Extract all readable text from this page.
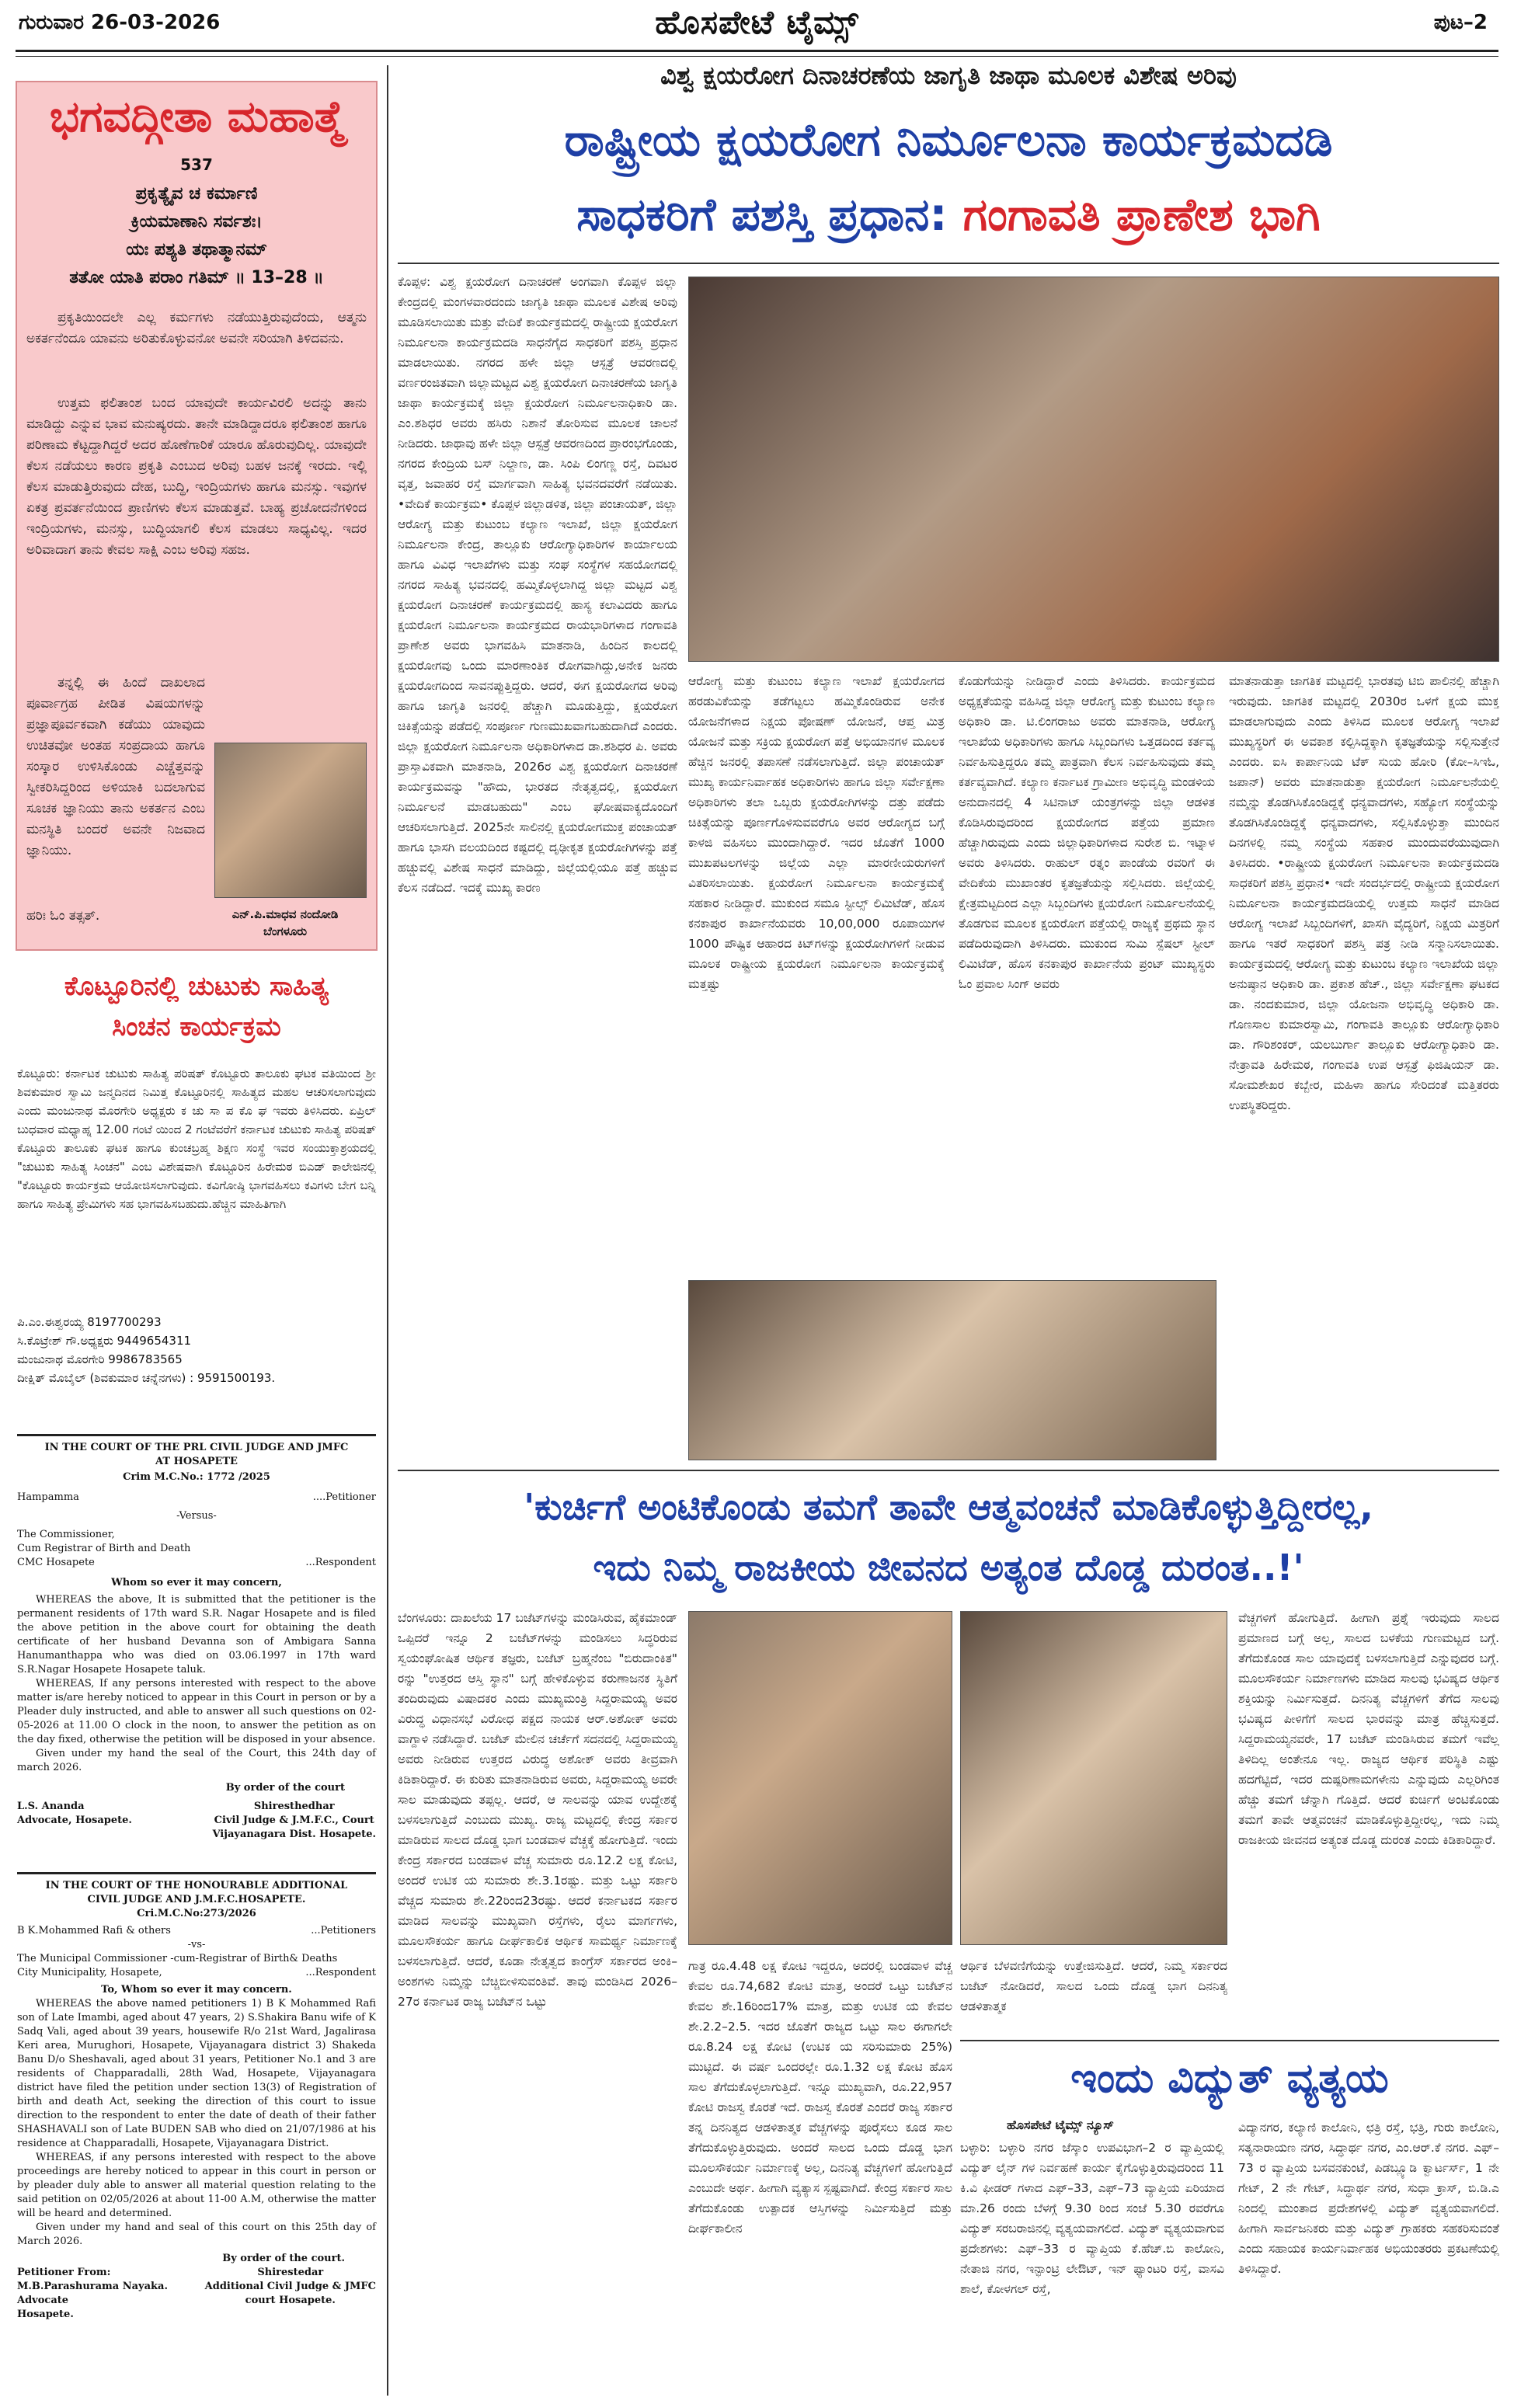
ಗುರುವಾರ 26-03-2026	ಹೊಸಪೇಟೆ ಟೈಮ್ಸ್	ಪುಟ–2
ಭಗವದ್ಗೀತಾ ಮಹಾತ್ಮೆ
537
ಪ್ರಕೃತ್ಯೈವ ಚ ಕರ್ಮಾಣಿ
ಕ್ರಿಯಮಾಣಾನಿ ಸರ್ವಶಃ।
ಯಃ ಪಶ್ಯತಿ ತಥಾತ್ಮಾನಮ್
ತತೋ ಯಾತಿ ಪರಾಂ ಗತಿಮ್ ॥ 13–28 ॥
ಪ್ರಕೃತಿಯಿಂದಲೇ ಎಲ್ಲ ಕರ್ಮಗಳು ನಡೆಯುತ್ತಿರುವುದೆಂದು, ಆತ್ಮನು ಅಕರ್ತನೆಂದೂ ಯಾವನು ಅರಿತುಕೊಳ್ಳುವನೋ ಅವನೇ ಸರಿಯಾಗಿ ತಿಳಿದವನು.
ಉತ್ತಮ ಫಲಿತಾಂಶ ಬಂದ ಯಾವುದೇ ಕಾರ್ಯವಿರಲಿ ಅದನ್ನು ತಾನು ಮಾಡಿದ್ದು ಎನ್ನುವ ಭಾವ ಮನುಷ್ಯರದು. ತಾನೇ ಮಾಡಿದ್ದಾದರೂ ಫಲಿತಾಂಶ ಹಾಗೂ ಪರಿಣಾಮ ಕೆಟ್ಟದ್ದಾಗಿದ್ದರೆ ಅದರ ಹೊಣೆಗಾರಿಕೆ ಯಾರೂ ಹೊರುವುದಿಲ್ಲ. ಯಾವುದೇ ಕೆಲಸ ನಡೆಯಲು ಕಾರಣ ಪ್ರಕೃತಿ ಎಂಬುದ ಅರಿವು ಬಹಳ ಜನಕ್ಕೆ ಇರದು. ಇಲ್ಲಿ ಕೆಲಸ ಮಾಡುತ್ತಿರುವುದು ದೇಹ, ಬುದ್ಧಿ, ಇಂದ್ರಿಯಗಳು ಹಾಗೂ ಮನಸ್ಸು. ಇವುಗಳ ಏಕತ್ರ ಪ್ರವರ್ತನೆಯಿಂದ ಪ್ರಾಣಿಗಳು ಕೆಲಸ ಮಾಡುತ್ತವೆ. ಬಾಹ್ಯ ಪ್ರಚೋದನೆಗಳಿಂದ ಇಂದ್ರಿಯಗಳು, ಮನಸ್ಸು, ಬುದ್ಧಿಯಾಗಲಿ ಕೆಲಸ ಮಾಡಲು ಸಾಧ್ಯವಿಲ್ಲ. ಇದರ ಅರಿವಾದಾಗ ತಾನು ಕೇವಲ ಸಾಕ್ಷಿ ಎಂಬ ಅರಿವು ಸಹಜ.
ತನ್ನಲ್ಲಿ ಈ ಹಿಂದೆ ದಾಖಲಾದ ಪೂರ್ವಾಗ್ರಹ ಪೀಡಿತ ವಿಷಯಗಳನ್ನು ಪ್ರಜ್ಞಾಪೂರ್ವಕವಾಗಿ ಕಡೆಯು ಯಾವುದು ಉಚಿತವೋ ಅಂತಹ ಸಂಪ್ರದಾಯ ಹಾಗೂ ಸಂಸ್ಕಾರ ಉಳಿಸಿಕೊಂಡು ಎಚ್ಚೆತ್ತವನ್ನು ಸ್ವೀಕರಿಸಿದ್ದರಿಂದ ಅಳಿಯಾಕಿ ಬದಲಾಗುವ ಸೂಚಕ ಜ್ಞಾನಿಯು ತಾನು ಅಕರ್ತನ ಎಂಬ ಮನಸ್ಥಿತಿ ಬಂದರೆ ಅವನೇ ನಿಜವಾದ ಜ್ಞಾನಿಯು.
ಹರಿಃ ಓಂ ತತ್ಸತ್.	ಎನ್.ಪಿ.ಮಾಧವ ನಂದೋಡಿ
ಬೆಂಗಳೂರು
ಕೊಟ್ಟೂರಿನಲ್ಲಿ ಚುಟುಕು ಸಾಹಿತ್ಯ
ಸಿಂಚನ ಕಾರ್ಯಕ್ರಮ
ಕೊಟ್ಟೂರು: ಕರ್ನಾಟಕ ಚುಟುಕು ಸಾಹಿತ್ಯ ಪರಿಷತ್ ಕೊಟ್ಟೂರು ತಾಲೂಕು ಘಟಕ ವತಿಯಿಂದ ಶ್ರೀ ಶಿವಕುಮಾರ ಸ್ವಾಮಿ ಜನ್ಮದಿನದ ನಿಮಿತ್ತ ಕೊಟ್ಟೂರಿನಲ್ಲಿ ಸಾಹಿತ್ಯದ ಮಹಲ ಆಚರಿಸಲಾಗುವುದು ಎಂದು ಮಂಜುನಾಥ ಮೊರಗೇರಿ ಅಧ್ಯಕ್ಷರು ಕ ಚು ಸಾ ಪ ಕೊ ಘ ಇವರು ತಿಳಿಸಿದರು. ಏಪ್ರಿಲ್ ಬುಧವಾರ ಮಧ್ಯಾಹ್ನ 12.00 ಗಂಟೆ ಯಿಂದ 2 ಗಂಟೆವರೆಗೆ ಕರ್ನಾಟಕ ಚುಟುಕು ಸಾಹಿತ್ಯ ಪರಿಷತ್ ಕೊಟ್ಟೂರು ತಾಲೂಕು ಘಟಕ ಹಾಗೂ ಕುಂಚಬ್ರಹ್ಮ ಶಿಕ್ಷಣ ಸಂಸ್ಥೆ ಇವರ ಸಂಯುಕ್ತಾಶ್ರಯದಲ್ಲಿ "ಚುಟುಕು ಸಾಹಿತ್ಯ ಸಿಂಚನ" ಎಂಬ ವಿಶೇಷವಾಗಿ ಕೊಟ್ಟೂರಿನ ಹಿರೇಮಠ ಬಿಎಡ್ ಕಾಲೇಜಿನಲ್ಲಿ "ಕೊಟ್ಟೂರು ಕಾರ್ಯಕ್ರಮ ಆಯೋಜಿಸಲಾಗುವುದು. ಕವಿಗೋಷ್ಠಿ ಭಾಗವಹಿಸಲು ಕವಿಗಳು ಬೇಗ ಬನ್ನಿ ಹಾಗೂ ಸಾಹಿತ್ಯ ಪ್ರೇಮಿಗಳು ಸಹ ಭಾಗವಹಿಸಬಹುದು.ಹೆಚ್ಚಿನ ಮಾಹಿತಿಗಾಗಿ
ಪಿ.ಎಂ.ಈಶ್ವರಯ್ಯ 8197700293
ಸಿ.ಕೊಟ್ರೇಶ್ ಗೌ.ಅಧ್ಯಕ್ಷರು 9449654311
ಮಂಜುನಾಥ ಮೊರಗೇರಿ 9986783565
ದೀಕ್ಷಿತ್ ಮೊಬೈಲ್ (ಶಿವಕುಮಾರ ಚನ್ನೆನಗಳು) : 9591500193.
IN THE COURT OF THE PRL CIVIL JUDGE AND JMFC
AT HOSAPETE
Crim M.C.No.: 1772 /2025
Hampamma	....Petitioner
-Versus-
The Commissioner,
Cum Registrar of Birth and Death
CMC Hosapete	...Respondent
Whom so ever it may concern,
WHEREAS the above, It is submitted that the petitioner is the permanent residents of 17th ward S.R. Nagar Hosapete and is filed the above petition in the above court for obtaining the death certificate of her husband Devanna son of Ambigara Sanna Hanumanthappa who was died on 03.06.1997 in 17th ward S.R.Nagar Hosapete Hosapete taluk.
WHEREAS, If any persons interested with respect to the above matter is/are hereby noticed to appear in this Court in person or by a Pleader duly instructed, and able to answer all such questions on 02-05-2026 at 11.00 O clock in the noon, to answer the petition as on the day fixed, otherwise the petition will be disposed in your absence.
Given under my hand the seal of the Court, this 24th day of march 2026.
By order of the court
L.S. Ananda
Advocate, Hosapete.
Shiresthedhar
Civil Judge & J.M.F.C., Court
Vijayanagara Dist. Hosapete.
IN THE COURT OF THE HONOURABLE ADDITIONAL
CIVIL JUDGE AND J.M.F.C.HOSAPETE.
Cri.M.C.No:273/2026
B K.Mohammed Rafi & others	...Petitioners
-vs-
The Municipal Commissioner -cum-Registrar of Birth& Deaths
City Municipality, Hosapete,	...Respondent
To, Whom so ever it may concern.
WHEREAS the above named petitioners 1) B K Mohammed Rafi son of Late Imambi, aged about 47 years, 2) S.Shakira Banu wife of K Sadq Vali, aged about 39 years, housewife R/o 21st Ward, Jagalirasa Keri area, Murughori, Hosapete, Vijayanagara district 3) Shakeda Banu D/o Sheshavali, aged about 31 years, Petitioner No.1 and 3 are residents of Chapparadalli, 28th Wad, Hosapete, Vijayanagara district have filed the petition under section 13(3) of Registration of birth and death Act, seeking the direction of this court to issue direction to the respondent to enter the date of death of their father SHASHAVALI son of Late BUDEN SAB who died on 21/07/1986 at his residence at Chapparadalli, Hosapete, Vijayanagara District.
WHEREAS, if any persons interested with respect to the above proceedings are hereby noticed to appear in this court in person or by pleader duly able to answer all material question relating to the said petition on 02/05/2026 at about 11-00 A.M, otherwise the matter will be heard and determined.
Given under my hand and seal of this court on this 25th day of March 2026.
By order of the court.
Petitioner From:
M.B.Parashurama Nayaka.
Advocate
Hosapete.
Shirestedar
Additional Civil Judge & JMFC
court Hosapete.
ವಿಶ್ವ ಕ್ಷಯರೋಗ ದಿನಾಚರಣೆಯ ಜಾಗೃತಿ ಜಾಥಾ ಮೂಲಕ ವಿಶೇಷ ಅರಿವು
ರಾಷ್ಟ್ರೀಯ ಕ್ಷಯರೋಗ ನಿರ್ಮೂಲನಾ ಕಾರ್ಯಕ್ರಮದಡಿ
ಸಾಧಕರಿಗೆ ಪಶಸ್ತಿ ಪ್ರಧಾನ: ಗಂಗಾವತಿ ಪ್ರಾಣೇಶ ಭಾಗಿ
ಕೊಪ್ಪಳ: ವಿಶ್ವ ಕ್ಷಯರೋಗ ದಿನಾಚರಣೆ ಅಂಗವಾಗಿ ಕೊಪ್ಪಳ ಜಿಲ್ಲಾ ಕೇಂದ್ರದಲ್ಲಿ ಮಂಗಳವಾರದಂದು ಜಾಗೃತಿ ಜಾಥಾ ಮೂಲಕ ವಿಶೇಷ ಅರಿವು ಮೂಡಿಸಲಾಯಿತು ಮತ್ತು ವೇದಿಕೆ ಕಾರ್ಯಕ್ರಮದಲ್ಲಿ ರಾಷ್ಟ್ರೀಯ ಕ್ಷಯರೋಗ ನಿರ್ಮೂಲನಾ ಕಾರ್ಯಕ್ರಮದಡಿ ಸಾಧನೆಗೈದ ಸಾಧಕರಿಗೆ ಪಶಸ್ತಿ ಪ್ರಧಾನ ಮಾಡಲಾಯಿತು. ನಗರದ ಹಳೇ ಜಿಲ್ಲಾ ಆಸ್ಪತ್ರೆ ಆವರಣದಲ್ಲಿ ವರ್ಣರಂಜಿತವಾಗಿ ಜಿಲ್ಲಾಮಟ್ಟದ ವಿಶ್ವ ಕ್ಷಯರೋಗ ದಿನಾಚರಣೆಯ ಜಾಗೃತಿ ಜಾಥಾ ಕಾರ್ಯಕ್ರಮಕ್ಕೆ ಜಿಲ್ಲಾ ಕ್ಷಯರೋಗ ನಿರ್ಮೂಲನಾಧಿಕಾರಿ ಡಾ. ಎಂ.ಶಶಿಧರ ಅವರು ಹಸಿರು ನಿಶಾನೆ ತೋರಿಸುವ ಮೂಲಕ ಚಾಲನೆ ನೀಡಿದರು. ಜಾಥಾವು ಹಳೇ ಜಿಲ್ಲಾ ಆಸ್ಪತ್ರೆ ಆವರಣದಿಂದ ಪ್ರಾರಂಭಗೊಂಡು, ನಗರದ ಕೇಂದ್ರಿಯ ಬಸ್ ನಿಲ್ದಾಣ, ಡಾ. ಸಿಂಪಿ ಲಿಂಗಣ್ಣ ರಸ್ತೆ, ದಿವಟರ ವೃತ್ತ, ಜವಾಹರ ರಸ್ತೆ ಮಾರ್ಗವಾಗಿ ಸಾಹಿತ್ಯ ಭವನದವರೆಗೆ ನಡೆಯಿತು. •ವೇದಿಕೆ ಕಾರ್ಯಕ್ರಮ• ಕೊಪ್ಪಳ ಜಿಲ್ಲಾಡಳಿತ, ಜಿಲ್ಲಾ ಪಂಚಾಯತ್, ಜಿಲ್ಲಾ ಆರೋಗ್ಯ ಮತ್ತು ಕುಟುಂಬ ಕಲ್ಯಾಣ ಇಲಾಖೆ, ಜಿಲ್ಲಾ ಕ್ಷಯರೋಗ ನಿರ್ಮೂಲನಾ ಕೇಂದ್ರ, ತಾಲ್ಲೂಕು ಆರೋಗ್ಯಾಧಿಕಾರಿಗಳ ಕಾರ್ಯಾಲಯ ಹಾಗೂ ವಿವಿಧ ಇಲಾಖೆಗಳು ಮತ್ತು ಸಂಘ ಸಂಸ್ಥೆಗಳ ಸಹಯೋಗದಲ್ಲಿ ನಗರದ ಸಾಹಿತ್ಯ ಭವನದಲ್ಲಿ ಹಮ್ಮಿಕೊಳ್ಳಲಾಗಿದ್ದ ಜಿಲ್ಲಾ ಮಟ್ಟದ ವಿಶ್ವ ಕ್ಷಯರೋಗ ದಿನಾಚರಣೆ ಕಾರ್ಯಕ್ರಮದಲ್ಲಿ ಹಾಸ್ಯ ಕಲಾವಿದರು ಹಾಗೂ ಕ್ಷಯರೋಗ ನಿರ್ಮೂಲನಾ ಕಾರ್ಯಕ್ರಮದ ರಾಯಭಾರಿಗಳಾದ ಗಂಗಾವತಿ ಪ್ರಾಣೇಶ ಅವರು ಭಾಗವಹಿಸಿ ಮಾತನಾಡಿ, ಹಿಂದಿನ ಕಾಲದಲ್ಲಿ ಕ್ಷಯರೋಗವು ಒಂದು ಮಾರಣಾಂತಿಕ ರೋಗವಾಗಿದ್ದು,ಅನೇಕ ಜನರು ಕ್ಷಯರೋಗದಿಂದ ಸಾವನಪ್ಪುತ್ತಿದ್ದರು. ಆದರೆ, ಈಗ ಕ್ಷಯರೋಗದ ಅರಿವು ಹಾಗೂ ಜಾಗೃತಿ ಜನರಲ್ಲಿ ಹೆಚ್ಚಾಗಿ ಮೂಡುತ್ತಿದ್ದು, ಕ್ಷಯರೋಗ ಚಿಕಿತ್ಸೆಯನ್ನು ಪಡೆದಲ್ಲಿ ಸಂಪೂರ್ಣ ಗುಣಮುಖವಾಗಬಹುದಾಗಿದೆ ಎಂದರು. ಜಿಲ್ಲಾ ಕ್ಷಯರೋಗ ನಿರ್ಮೂಲನಾ ಅಧಿಕಾರಿಗಳಾದ ಡಾ.ಶಶಿಧರ ಪಿ. ಅವರು ಪ್ರಾಸ್ತಾವಿಕವಾಗಿ ಮಾತನಾಡಿ, 2026ರ ವಿಶ್ವ ಕ್ಷಯರೋಗ ದಿನಾಚರಣೆ ಕಾರ್ಯಕ್ರಮವನ್ನು "ಹೌದು, ಭಾರತದ ನೇತೃತ್ವದಲ್ಲಿ, ಕ್ಷಯರೋಗ ನಿರ್ಮೂಲನೆ ಮಾಡಬಹುದು" ಎಂಬ ಘೋಷವಾಕ್ಯದೊಂದಿಗೆ ಆಚರಿಸಲಾಗುತ್ತಿದೆ. 2025ನೇ ಸಾಲಿನಲ್ಲಿ ಕ್ಷಯರೋಗಮುಕ್ತ ಪಂಚಾಯತ್ ಹಾಗೂ ಭಾಸಗಿ ವಲಯದಿಂದ ಕಷ್ಟದಲ್ಲಿ ದೃಢೀಕೃತ ಕ್ಷಯರೋಗಿಗಳನ್ನು ಪತ್ತೆ ಹಚ್ಚುವಲ್ಲಿ ವಿಶೇಷ ಸಾಧನೆ ಮಾಡಿದ್ದು, ಜಿಲ್ಲೆಯಲ್ಲಿಯೂ ಪತ್ತೆ ಹಚ್ಚುವ ಕೆಲಸ ನಡೆದಿದೆ. ಇದಕ್ಕೆ ಮುಖ್ಯ ಕಾರಣ
ಆರೋಗ್ಯ ಮತ್ತು ಕುಟುಂಬ ಕಲ್ಯಾಣ ಇಲಾಖೆ ಕ್ಷಯರೋಗದ ಹರಡುವಿಕೆಯನ್ನು ತಡೆಗಟ್ಟಲು ಹಮ್ಮಿಕೊಂಡಿರುವ ಅನೇಕ ಯೋಜನೆಗಳಾದ ನಿಕ್ಷಯ ಪೋಷಣ್ ಯೋಜನೆ, ಆಪ್ತ ಮಿತ್ರ ಯೋಜನೆ ಮತ್ತು ಸಕ್ರಿಯ ಕ್ಷಯರೋಗ ಪತ್ತೆ ಅಭಿಯಾನಗಳ ಮೂಲಕ ಹೆಚ್ಚಿನ ಜನರಲ್ಲಿ ತಪಾಸಣೆ ನಡೆಸಲಾಗುತ್ತಿದೆ. ಜಿಲ್ಲಾ ಪಂಚಾಯತ್ ಮುಖ್ಯ ಕಾರ್ಯನಿರ್ವಾಹಕ ಅಧಿಕಾರಿಗಳು ಹಾಗೂ ಜಿಲ್ಲಾ ಸರ್ವೇಕ್ಷಣಾ ಅಧಿಕಾರಿಗಳು ತಲಾ ಒಬ್ಬರು ಕ್ಷಯರೋಗಿಗಳನ್ನು ದತ್ತು ಪಡೆದು ಚಿಕಿತ್ಸೆಯನ್ನು ಪೂರ್ಣಗೊಳಿಸುವವರೆಗೂ ಅವರ ಆರೋಗ್ಯದ ಬಗ್ಗೆ ಕಾಳಜಿ ವಹಿಸಲು ಮುಂದಾಗಿದ್ದಾರೆ. ಇದರ ಜೊತೆಗೆ 1000 ಮುಖಪಟಲಗಳನ್ನು ಜಿಲ್ಲೆಯ ಎಲ್ಲಾ ಮಾರಣೀಯರುಗಳಿಗೆ ವಿತರಿಸಲಾಯಿತು. ಕ್ಷಯರೋಗ ನಿರ್ಮೂಲನಾ ಕಾರ್ಯಕ್ರಮಕ್ಕೆ ಸಹಕಾರ ನೀಡಿದ್ದಾರೆ. ಮುಕುಂದ ಸಮೂ ಸ್ಟೀಲ್ಸ್ ಲಿಮಿಟೆಡ್, ಹೊಸ ಕನಕಾಪುರ ಕಾರ್ಖಾನೆಯವರು 10,00,000 ರೂಪಾಯಿಗಳ 1000 ಪೌಷ್ಟಿಕ ಆಹಾರದ ಕಿಟ್‌ಗಳನ್ನು ಕ್ಷಯರೋಗಿಗಳಿಗೆ ನೀಡುವ ಮೂಲಕ ರಾಷ್ಟ್ರೀಯ ಕ್ಷಯರೋಗ ನಿರ್ಮೂಲನಾ ಕಾರ್ಯಕ್ರಮಕ್ಕೆ ಮತ್ತಷ್ಟು
ಕೊಡುಗೆಯನ್ನು ನೀಡಿದ್ದಾರೆ ಎಂದು ತಿಳಿಸಿದರು. ಕಾರ್ಯಕ್ರಮದ ಅಧ್ಯಕ್ಷತೆಯನ್ನು ವಹಿಸಿದ್ದ ಜಿಲ್ಲಾ ಆರೋಗ್ಯ ಮತ್ತು ಕುಟುಂಬ ಕಲ್ಯಾಣ ಅಧಿಕಾರಿ ಡಾ. ಟಿ.ಲಿಂಗರಾಜು ಅವರು ಮಾತನಾಡಿ, ಆರೋಗ್ಯ ಇಲಾಖೆಯ ಅಧಿಕಾರಿಗಳು ಹಾಗೂ ಸಿಬ್ಬಂದಿಗಳು ಒತ್ತಡದಿಂದ ಕರ್ತವ್ಯ ನಿರ್ವಹಿಸುತ್ತಿದ್ದರೂ ತಮ್ಮ ಪಾತ್ರವಾಗಿ ಕೆಲಸ ನಿರ್ವಹಿಸುವುದು ತಮ್ಮ ಕರ್ತವ್ಯವಾಗಿದೆ. ಕಲ್ಯಾಣ ಕರ್ನಾಟಕ ಗ್ರಾಮೀಣ ಅಭಿವೃದ್ಧಿ ಮಂಡಳಿಯ ಅನುದಾನದಲ್ಲಿ 4 ಸಿಟಿನಾಟ್ ಯಂತ್ರಗಳನ್ನು ಜಿಲ್ಲಾ ಆಡಳಿತ ಕೊಡಿಸಿರುವುದರಿಂದ ಕ್ಷಯರೋಗದ ಪತ್ತೆಯ ಪ್ರಮಾಣ ಹೆಚ್ಚಾಗಿರುವುದು ಎಂದು ಜಿಲ್ಲಾಧಿಕಾರಿಗಳಾದ ಸುರೇಶ ಬಿ. ಇಟ್ನಾಳ ಅವರು ತಿಳಿಸಿದರು. ರಾಹುಲ್ ರತ್ನಂ ಪಾಂಡೆಯ ರವರಿಗೆ ಈ ವೇದಿಕೆಯ ಮುಖಾಂತರ ಕೃತಜ್ಞತೆಯನ್ನು ಸಲ್ಲಿಸಿದರು. ಜಿಲ್ಲೆಯಲ್ಲಿ ಕ್ಷೇತ್ರಮಟ್ಟದಿಂದ ಎಲ್ಲಾ ಸಿಬ್ಬಂದಿಗಳು ಕ್ಷಯರೋಗ ನಿರ್ಮೂಲನೆಯಲ್ಲಿ ತೊಡಗುವ ಮೂಲಕ ಕ್ಷಯರೋಗ ಪತ್ತೆಯಲ್ಲಿ ರಾಜ್ಯಕ್ಕೆ ಪ್ರಥಮ ಸ್ಥಾನ ಪಡೆದಿರುವುದಾಗಿ ತಿಳಿಸಿದರು. ಮುಕುಂದ ಸುಮಿ ಸ್ಪೆಷಲ್ ಸ್ಟೀಲ್ ಲಿಮಿಟೆಡ್, ಹೊಸ ಕನಕಾಪುರ ಕಾರ್ಖಾನೆಯ ಪ್ರಂಟ್ ಮುಖ್ಯಸ್ಥರು ಓಂ ಪ್ರವಾಲ ಸಿಂಗ್ ಅವರು
ಮಾತನಾಡುತ್ತಾ ಜಾಗತಿಕ ಮಟ್ಟದಲ್ಲಿ ಭಾರತವು ಟಿಬಿ ಪಾಲಿನಲ್ಲಿ ಹೆಚ್ಚಾಗಿ ಇರುವುದು. ಜಾಗತಿಕ ಮಟ್ಟದಲ್ಲಿ 2030ರ ಒಳಗೆ ಕ್ಷಯ ಮುಕ್ತ ಮಾಡಲಾಗುವುದು ಎಂದು ತಿಳಿಸಿದ ಮೂಲಕ ಆರೋಗ್ಯ ಇಲಾಖೆ ಮುಖ್ಯಸ್ಥರಿಗೆ ಈ ಅವಕಾಶ ಕಲ್ಪಿಸಿದ್ದಕ್ಕಾಗಿ ಕೃತಜ್ಞತೆಯನ್ನು ಸಲ್ಲಿಸುತ್ತೇನೆ ಎಂದರು. ಐಸಿ ಕಾರ್ಪಾನಿಯ ಟೆಕ್ ಸುಯ ಹೋರಿ (ಕೋ–ಸಿಇಓ, ಜಪಾನ್) ಅವರು ಮಾತನಾಡುತ್ತಾ ಕ್ಷಯರೋಗ ನಿರ್ಮೂಲನೆಯಲ್ಲಿ ನಮ್ಮನ್ನು ತೊಡಗಿಸಿಕೊಂಡಿದ್ದಕ್ಕೆ ಧನ್ಯವಾದಗಳು, ಸಹ್ಯೋಗ ಸಂಸ್ಥೆಯನ್ನು ತೊಡಗಿಸಿಕೊಂಡಿದ್ದಕ್ಕೆ ಧನ್ಯವಾದಗಳು, ಸಲ್ಲಿಸಿಕೊಳ್ಳುತ್ತಾ ಮುಂದಿನ ದಿನಗಳಲ್ಲಿ ನಮ್ಮ ಸಂಸ್ಥೆಯ ಸಹಕಾರ ಮುಂದುವರೆಯುವುದಾಗಿ ತಿಳಿಸಿದರು. •ರಾಷ್ಟ್ರೀಯ ಕ್ಷಯರೋಗ ನಿರ್ಮೂಲನಾ ಕಾರ್ಯಕ್ರಮದಡಿ ಸಾಧಕರಿಗೆ ಪಶಸ್ತಿ ಪ್ರಧಾನ• ಇದೇ ಸಂದರ್ಭದಲ್ಲಿ ರಾಷ್ಟ್ರೀಯ ಕ್ಷಯರೋಗ ನಿರ್ಮೂಲನಾ ಕಾರ್ಯಕ್ರಮದಡಿಯಲ್ಲಿ ಉತ್ತಮ ಸಾಧನೆ ಮಾಡಿದ ಆರೋಗ್ಯ ಇಲಾಖೆ ಸಿಬ್ಬಂದಿಗಳಿಗೆ, ಖಾಸಗಿ ವೈದ್ಯರಿಗೆ, ನಿಕ್ಷಯ ಮಿತ್ರರಿಗೆ ಹಾಗೂ ಇತರೆ ಸಾಧಕರಿಗೆ ಪಶಸ್ತಿ ಪತ್ರ ನೀಡಿ ಸನ್ಮಾನಿಸಲಾಯಿತು. ಕಾರ್ಯಕ್ರಮದಲ್ಲಿ ಆರೋಗ್ಯ ಮತ್ತು ಕುಟುಂಬ ಕಲ್ಯಾಣ ಇಲಾಖೆಯ ಜಿಲ್ಲಾ ಅನುಷ್ಠಾನ ಅಧಿಕಾರಿ ಡಾ. ಪ್ರಕಾಶ ಹೆಚ್., ಜಿಲ್ಲಾ ಸರ್ವೇಕ್ಷಣಾ ಘಟಕದ ಡಾ. ನಂದಕುಮಾರ, ಜಿಲ್ಲಾ ಯೋಜನಾ ಅಭಿವೃದ್ಧಿ ಅಧಿಕಾರಿ ಡಾ. ಗೊಣಸಾಲ ಕುಮಾರಸ್ವಾಮಿ, ಗಂಗಾವತಿ ತಾಲ್ಲೂಕು ಆರೋಗ್ಯಾಧಿಕಾರಿ ಡಾ. ಗೌರಿಶಂಕರ್, ಯಲಬುರ್ಗಾ ತಾಲ್ಲೂಕು ಆರೋಗ್ಯಾಧಿಕಾರಿ ಡಾ. ನೇತ್ರಾವತಿ ಹಿರೇಮಠ, ಗಂಗಾವತಿ ಉಪ ಆಸ್ಪತ್ರೆ ಫಿಜಿಷಿಯನ್ ಡಾ. ಸೋಮಶೇಖರ ಕಬ್ಬೇರ, ಮಹಿಳಾ ಹಾಗೂ ಸೇರಿದಂತೆ ಮತ್ತಿತರರು ಉಪಸ್ಥಿತರಿದ್ದರು.
'ಕುರ್ಚಿಗೆ ಅಂಟಿಕೊಂಡು ತಮಗೆ ತಾವೇ ಆತ್ಮವಂಚನೆ ಮಾಡಿಕೊಳ್ಳುತ್ತಿದ್ದೀರಲ್ಲ,
ಇದು ನಿಮ್ಮ ರಾಜಕೀಯ ಜೀವನದ ಅತ್ಯಂತ ದೊಡ್ಡ ದುರಂತ..!'
ಬೆಂಗಳೂರು: ದಾಖಲೆಯ 17 ಬಜೆಟ್‌ಗಳನ್ನು ಮಂಡಿಸಿರುವ, ಹೈಕಮಾಂಡ್ ಒಪ್ಪಿದರೆ ಇನ್ನೂ 2 ಬಜೆಟ್‌ಗಳನ್ನು ಮಂಡಿಸಲು ಸಿದ್ಧರಿರುವ ಸ್ವಯಂಘೋಷಿತ ಆರ್ಥಿಕ ತಜ್ಞರು, ಬಜೆಟ್ ಬ್ರಹ್ಮನೆಂಬ "ಬಿರುದಾಂಕಿತ" ರನ್ನು "ಉತ್ತರದ ಆಸ್ತಿ ಸ್ಥಾನ" ಬಗ್ಗೆ ಹೇಳಿಕೊಳ್ಳುವ ಕರುಣಾಜನಕ ಸ್ಥಿತಿಗೆ ತಂದಿರುವುದು ವಿಷಾದಕರ ಎಂದು ಮುಖ್ಯಮಂತ್ರಿ ಸಿದ್ದರಾಮಯ್ಯ ಅವರ ವಿರುದ್ಧ ವಿಧಾನಸಭೆ ವಿರೋಧ ಪಕ್ಷದ ನಾಯಕ ಆರ್.ಅಶೋಕ್ ಅವರು ವಾಗ್ದಾಳಿ ನಡೆಸಿದ್ದಾರೆ. ಬಜೆಟ್ ಮೇಲಿನ ಚರ್ಚೆಗೆ ಸದನದಲ್ಲಿ ಸಿದ್ದರಾಮಯ್ಯ ಅವರು ನೀಡಿರುವ ಉತ್ತರದ ವಿರುದ್ಧ ಅಶೋಕ್ ಅವರು ತೀವ್ರವಾಗಿ ಕಿಡಿಕಾರಿದ್ದಾರೆ. ಈ ಕುರಿತು ಮಾತನಾಡಿರುವ ಅವರು, ಸಿದ್ದರಾಮಯ್ಯ ಅವರೇ ಸಾಲ ಮಾಡುವುದು ತಪ್ಪಲ್ಲ. ಆದರೆ, ಆ ಸಾಲವನ್ನು ಯಾವ ಉದ್ದೇಶಕ್ಕೆ ಬಳಸಲಾಗುತ್ತಿದೆ ಎಂಬುದು ಮುಖ್ಯ. ರಾಜ್ಯ ಮಟ್ಟದಲ್ಲಿ ಕೇಂದ್ರ ಸರ್ಕಾರ ಮಾಡಿರುವ ಸಾಲದ ದೊಡ್ಡ ಭಾಗ ಬಂಡವಾಳ ವೆಚ್ಚಕ್ಕೆ ಹೋಗುತ್ತಿದೆ. ಇಂದು ಕೇಂದ್ರ ಸರ್ಕಾರದ ಬಂಡವಾಳ ವೆಚ್ಚ ಸುಮಾರು ರೂ.12.2 ಲಕ್ಷ ಕೋಟಿ, ಅಂದರೆ ಉಟಿಕ ಯ ಸುಮಾರು ಶೇ.3.1ರಷ್ಟು. ಮತ್ತು ಒಟ್ಟು ಸರ್ಕಾರಿ ವೆಚ್ಚದ ಸುಮಾರು ಶೇ.22ರಿಂದ23ರಷ್ಟು. ಆದರೆ ಕರ್ನಾಟಕದ ಸರ್ಕಾರ ಮಾಡಿದ ಸಾಲವನ್ನು ಮುಖ್ಯವಾಗಿ ರಸ್ತೆಗಳು, ರೈಲು ಮಾರ್ಗಗಳು, ಮೂಲಸೌಕರ್ಯ ಹಾಗೂ ದೀರ್ಘಕಾಲಿಕ ಆರ್ಥಿಕ ಸಾಮರ್ಥ್ಯ ನಿರ್ಮಾಣಕ್ಕೆ ಬಳಸಲಾಗುತ್ತಿದೆ. ಆದರೆ, ಕೂಡಾ ನೇತೃತ್ವದ ಕಾಂಗ್ರೆಸ್ ಸರ್ಕಾರದ ಅಂಕಿ–ಅಂಶಗಳು ನಿಮ್ಮನ್ನು ಬೆಚ್ಚಿಬೀಳಿಸುವಂತಿವೆ. ತಾವು ಮಂಡಿಸಿದ 2026–27ರ ಕರ್ನಾಟಕ ರಾಜ್ಯ ಬಜೆಟ್‌ನ ಒಟ್ಟು
ಗಾತ್ರ ರೂ.4.48 ಲಕ್ಷ ಕೋಟಿ ಇದ್ದರೂ, ಅದರಲ್ಲಿ ಬಂಡವಾಳ ವೆಚ್ಚ ಕೇವಲ ರೂ.74,682 ಕೋಟಿ ಮಾತ್ರ, ಅಂದರೆ ಒಟ್ಟು ಬಜೆಟ್‌ನ ಕೇವಲ ಶೇ.16ರಿಂದ17% ಮಾತ್ರ, ಮತ್ತು ಉಟಿಕ ಯ ಕೇವಲ ಶೇ.2.2–2.5. ಇದರ ಜೊತೆಗೆ ರಾಜ್ಯದ ಒಟ್ಟು ಸಾಲ ಈಗಾಗಲೇ ರೂ.8.24 ಲಕ್ಷ ಕೋಟಿ (ಉಟಿಕ ಯ ಸರಿಸುಮಾರು 25%) ಮುಟ್ಟಿದೆ. ಈ ವರ್ಷ ಒಂದರಲ್ಲೇ ರೂ.1.32 ಲಕ್ಷ ಕೋಟಿ ಹೊಸ ಸಾಲ ತೆಗೆದುಕೊಳ್ಳಲಾಗುತ್ತಿದೆ. ಇನ್ನೂ ಮುಖ್ಯವಾಗಿ, ರೂ.22,957 ಕೋಟಿ ರಾಜಸ್ವ ಕೊರತೆ ಇದೆ. ರಾಜಸ್ವ ಕೊರತೆ ಎಂದರೆ ರಾಜ್ಯ ಸರ್ಕಾರ ತನ್ನ ದಿನನಿತ್ಯದ ಆಡಳಿತಾತ್ಮಕ ವೆಚ್ಚಗಳನ್ನು ಪೂರೈಸಲು ಕೂಡ ಸಾಲ ತೆಗೆದುಕೊಳ್ಳುತ್ತಿರುವುದು. ಅಂದರೆ ಸಾಲದ ಒಂದು ದೊಡ್ಡ ಭಾಗ ಮೂಲಸೌಕರ್ಯ ನಿರ್ಮಾಣಕ್ಕೆ ಅಲ್ಲ, ದಿನನಿತ್ಯ ವೆಚ್ಚಗಳಿಗೆ ಹೋಗುತ್ತಿದೆ ಎಂಬುದೇ ಅರ್ಥ. ಹೀಗಾಗಿ ವ್ಯತ್ಯಾಸ ಸ್ಪಷ್ಟವಾಗಿದೆ. ಕೇಂದ್ರ ಸರ್ಕಾರ ಸಾಲ ತೆಗೆದುಕೊಂಡು ಉತ್ಪಾದಕ ಆಸ್ತಿಗಳನ್ನು ನಿರ್ಮಿಸುತ್ತಿದೆ ಮತ್ತು ದೀರ್ಘಕಾಲೀನ
ಆರ್ಥಿಕ ಬೆಳವಣಿಗೆಯನ್ನು ಉತ್ತೇಜಿಸುತ್ತಿದೆ. ಆದರೆ, ನಿಮ್ಮ ಸರ್ಕಾರದ ಬಜೆಟ್ ನೋಡಿದರೆ, ಸಾಲದ ಒಂದು ದೊಡ್ಡ ಭಾಗ ದಿನನಿತ್ಯ ಆಡಳಿತಾತ್ಮಕ
ವೆಚ್ಚಗಳಿಗೆ ಹೋಗುತ್ತಿದೆ. ಹೀಗಾಗಿ ಪ್ರಶ್ನೆ ಇರುವುದು ಸಾಲದ ಪ್ರಮಾಣದ ಬಗ್ಗೆ ಅಲ್ಲ, ಸಾಲದ ಬಳಕೆಯ ಗುಣಮಟ್ಟದ ಬಗ್ಗೆ. ತೆಗೆದುಕೊಂಡ ಸಾಲ ಯಾವುದಕ್ಕೆ ಬಳಸಲಾಗುತ್ತಿದೆ ಎನ್ನುವುದರ ಬಗ್ಗೆ. ಮೂಲಸೌಕರ್ಯ ನಿರ್ಮಾಣಗಳು ಮಾಡಿದ ಸಾಲವು ಭವಿಷ್ಯದ ಆರ್ಥಿಕ ಶಕ್ತಿಯನ್ನು ನಿರ್ಮಿಸುತ್ತದೆ. ದಿನನಿತ್ಯ ವೆಚ್ಚಗಳಿಗೆ ತೆಗೆದ ಸಾಲವು ಭವಿಷ್ಯದ ಪೀಳಿಗೆಗೆ ಸಾಲದ ಭಾರವನ್ನು ಮಾತ್ರ ಹೆಚ್ಚಿಸುತ್ತದೆ. ಸಿದ್ದರಾಮಯ್ಯನವರೇ, 17 ಬಜೆಟ್ ಮಂಡಿಸಿರುವ ತಮಗೆ ಇವೆಲ್ಲ ತಿಳಿದಿಲ್ಲ ಅಂತೇನೂ ಇಲ್ಲ. ರಾಜ್ಯದ ಆರ್ಥಿಕ ಪರಿಸ್ಥಿತಿ ಎಷ್ಟು ಹದಗೆಟ್ಟಿದೆ, ಇದರ ದುಷ್ಪರಿಣಾಮಗಳೇನು ಎನ್ನುವುದು ಎಲ್ಲರಿಗಿಂತ ಹೆಚ್ಚು ತಮಗೆ ಚೆನ್ನಾಗಿ ಗೊತ್ತಿದೆ. ಆದರೆ ಕುರ್ಚಿಗೆ ಅಂಟಿಕೊಂಡು ತಮಗೆ ತಾವೇ ಆತ್ಮವಂಚನೆ ಮಾಡಿಕೊಳ್ಳುತ್ತಿದ್ದೀರಲ್ಲ, ಇದು ನಿಮ್ಮ ರಾಜಕೀಯ ಜೀವನದ ಅತ್ಯಂತ ದೊಡ್ಡ ದುರಂತ ಎಂದು ಕಿಡಿಕಾರಿದ್ದಾರೆ.
ಇಂದು ವಿದ್ಯುತ್ ವ್ಯತ್ಯಯ
ಹೊಸಪೇಟೆ ಟೈಮ್ಸ್ ನ್ಯೂಸ್
ಬಳ್ಳಾರಿ: ಬಳ್ಳಾರಿ ನಗರ ಜೆಸ್ಕಾಂ ಉಪವಿಭಾಗ–2 ರ ವ್ಯಾಪ್ತಿಯಲ್ಲಿ ವಿದ್ಯುತ್ ಲೈನ್ ಗಳ ನಿರ್ವಹಣೆ ಕಾರ್ಯ ಕೈಗೊಳ್ಳುತ್ತಿರುವುದರಿಂದ 11 ಕಿ.ವಿ ಫೀಡರ್ ಗಳಾದ ಎಫ್–33, ಎಫ್–73 ವ್ಯಾಪ್ತಿಯ ಏರಿಯಾದ ಮಾ.26 ರಂದು ಬೆಳಗ್ಗೆ 9.30 ರಿಂದ ಸಂಜೆ 5.30 ರವರೆಗೂ ವಿದ್ಯುತ್ ಸರಬರಾಜಿನಲ್ಲಿ ವ್ಯತ್ಯಯವಾಗಲಿದೆ. ವಿದ್ಯುತ್ ವ್ಯತ್ಯಯವಾಗುವ ಪ್ರದೇಶಗಳು: ಎಫ್–33 ರ ವ್ಯಾಪ್ತಿಯ ಕೆ.ಹೆಚ್.ಬಿ ಕಾಲೋನಿ, ನೇತಾಜಿ ನಗರ, ಇನ್ಫಾಂಟ್ರಿ ಲೇಔಟ್, ಇನ್ ಫ್ಯಾಂಟರಿ ರಸ್ತೆ, ವಾಸವಿ ಶಾಲೆ, ಕೋಳಗಲ್ ರಸ್ತೆ,
ವಿದ್ಯಾನಗರ, ಕಲ್ಯಾಣಿ ಕಾಲೋನಿ, ಛತ್ರಿ ರಸ್ತೆ, ಭತ್ರಿ, ಗುರು ಕಾಲೋನಿ, ಸತ್ಯನಾರಾಯಣ ನಗರ, ಸಿದ್ಧಾರ್ಥ ನಗರ, ಎಂ.ಆರ್.ಕೆ ನಗರ. ಎಫ್–73 ರ ವ್ಯಾಪ್ತಿಯ ಬಸವನಕುಂಟೆ, ಪಿಡಬ್ಲ್ಯೂಡಿ ಕ್ವಾರ್ಟರ್ಸ್, 1 ನೇ ಗೇಟ್, 2 ನೇ ಗೇಟ್, ಸಿದ್ಧಾರ್ಥ ನಗರ, ಸುಧಾ ಕ್ರಾಸ್, ಬಿ.ಡಿ.ಎ ನಿಂದಲ್ಲಿ ಮುಂತಾದ ಪ್ರದೇಶಗಳಲ್ಲಿ ವಿದ್ಯುತ್ ವ್ಯತ್ಯಯವಾಗಲಿದೆ. ಹೀಗಾಗಿ ಸಾರ್ವಜನಿಕರು ಮತ್ತು ವಿದ್ಯುತ್ ಗ್ರಾಹಕರು ಸಹಕರಿಸುವಂತೆ ಎಂದು ಸಹಾಯಕ ಕಾರ್ಯನಿರ್ವಾಹಕ ಅಭಿಯಂತರರು ಪ್ರಕಟಣೆಯಲ್ಲಿ ತಿಳಿಸಿದ್ದಾರೆ.
